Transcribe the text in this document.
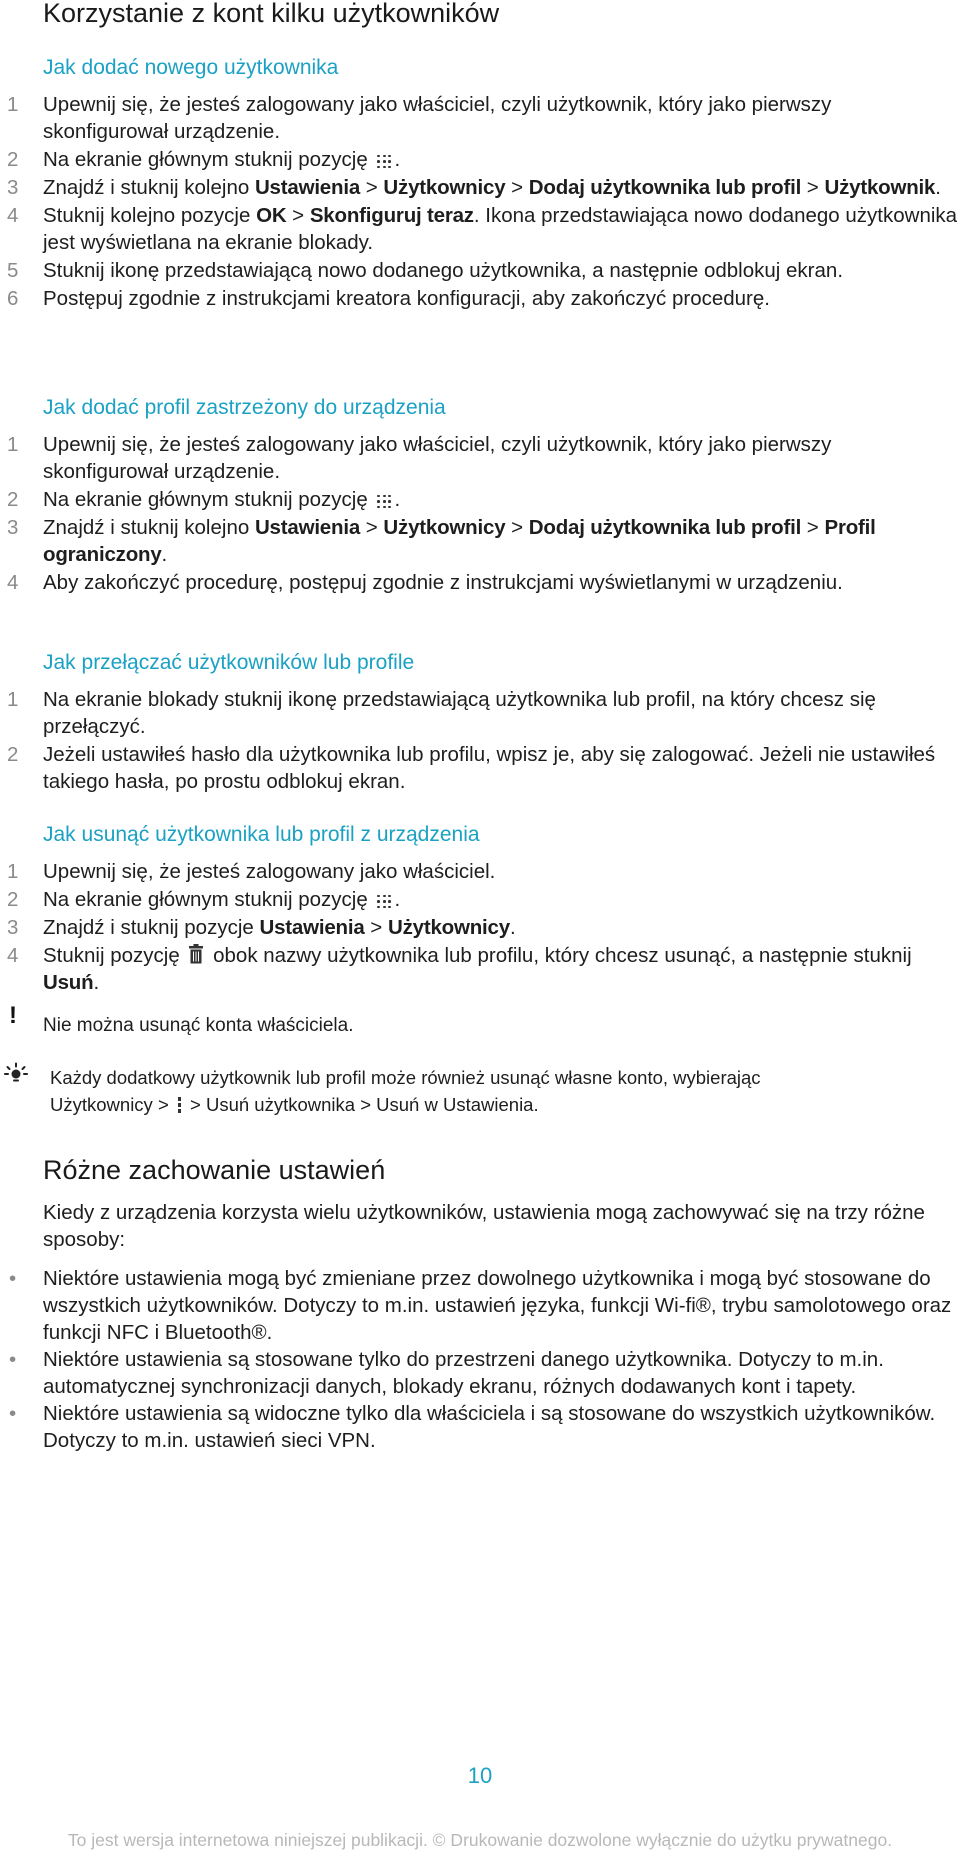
Korzystanie z kont kilku użytkowników
Jak dodać nowego użytkownika
1 Upewnij się, że jesteś zalogowany jako właściciel, czyli użytkownik, który jako pierwszy skonfigurował urządzenie.
2 Na ekranie głównym stuknij pozycję
.
3 Znajdź i stuknij kolejno Ustawienia > Użytkownicy > Dodaj użytkownika lub profil > Użytkownik.
4 Stuknij kolejno pozycje OK > Skonfiguruj teraz. Ikona przedstawiająca nowo dodanego użytkownika jest wyświetlana na ekranie blokady.
5 Stuknij ikonę przedstawiającą nowo dodanego użytkownika, a następnie odblokuj ekran.
6 Postępuj zgodnie z instrukcjami kreatora konfiguracji, aby zakończyć procedurę.
Jak dodać profil zastrzeżony do urządzenia
1 Upewnij się, że jesteś zalogowany jako właściciel, czyli użytkownik, który jako pierwszy skonfigurował urządzenie.
2 Na ekranie głównym stuknij pozycję
.
3 Znajdź i stuknij kolejno Ustawienia > Użytkownicy > Dodaj użytkownika lub profil > Profil ograniczony.
4 Aby zakończyć procedurę, postępuj zgodnie z instrukcjami wyświetlanymi w urządzeniu.
Jak przełączać użytkowników lub profile
1 Na ekranie blokady stuknij ikonę przedstawiającą użytkownika lub profil, na który chcesz się przełączyć.
2 Jeżeli ustawiłeś hasło dla użytkownika lub profilu, wpisz je, aby się zalogować. Jeżeli nie ustawiłeś takiego hasła, po prostu odblokuj ekran.
Jak usunąć użytkownika lub profil z urządzenia
1 Upewnij się, że jesteś zalogowany jako właściciel.
2 Na ekranie głównym stuknij pozycję
.
3 Znajdź i stuknij pozycje Ustawienia > Użytkownicy.
4 Stuknij pozycję  obok nazwy użytkownika lub profilu, który chcesz usunąć, a następnie stuknij Usuń.
! Nie można usunąć konta właściciela.
Każdy dodatkowy użytkownik lub profil może również usunąć własne konto, wybierając
Użytkownicy > > Usuń użytkownika > Usuń w Ustawienia.
Różne zachowanie ustawień
Kiedy z urządzenia korzysta wielu użytkowników, ustawienia mogą zachowywać się na trzy różne sposoby:
• Niektóre ustawienia mogą być zmieniane przez dowolnego użytkownika i mogą być stosowane do wszystkich użytkowników. Dotyczy to m.in. ustawień języka, funkcji Wi-fi®, trybu samolotowego oraz funkcji NFC i Bluetooth®.
• Niektóre ustawienia są stosowane tylko do przestrzeni danego użytkownika. Dotyczy to m.in. automatycznej synchronizacji danych, blokady ekranu, różnych dodawanych kont i tapety.
• Niektóre ustawienia są widoczne tylko dla właściciela i są stosowane do wszystkich użytkowników. Dotyczy to m.in. ustawień sieci VPN.
10
To jest wersja internetowa niniejszej publikacji. © Drukowanie dozwolone wyłącznie do użytku prywatnego.
